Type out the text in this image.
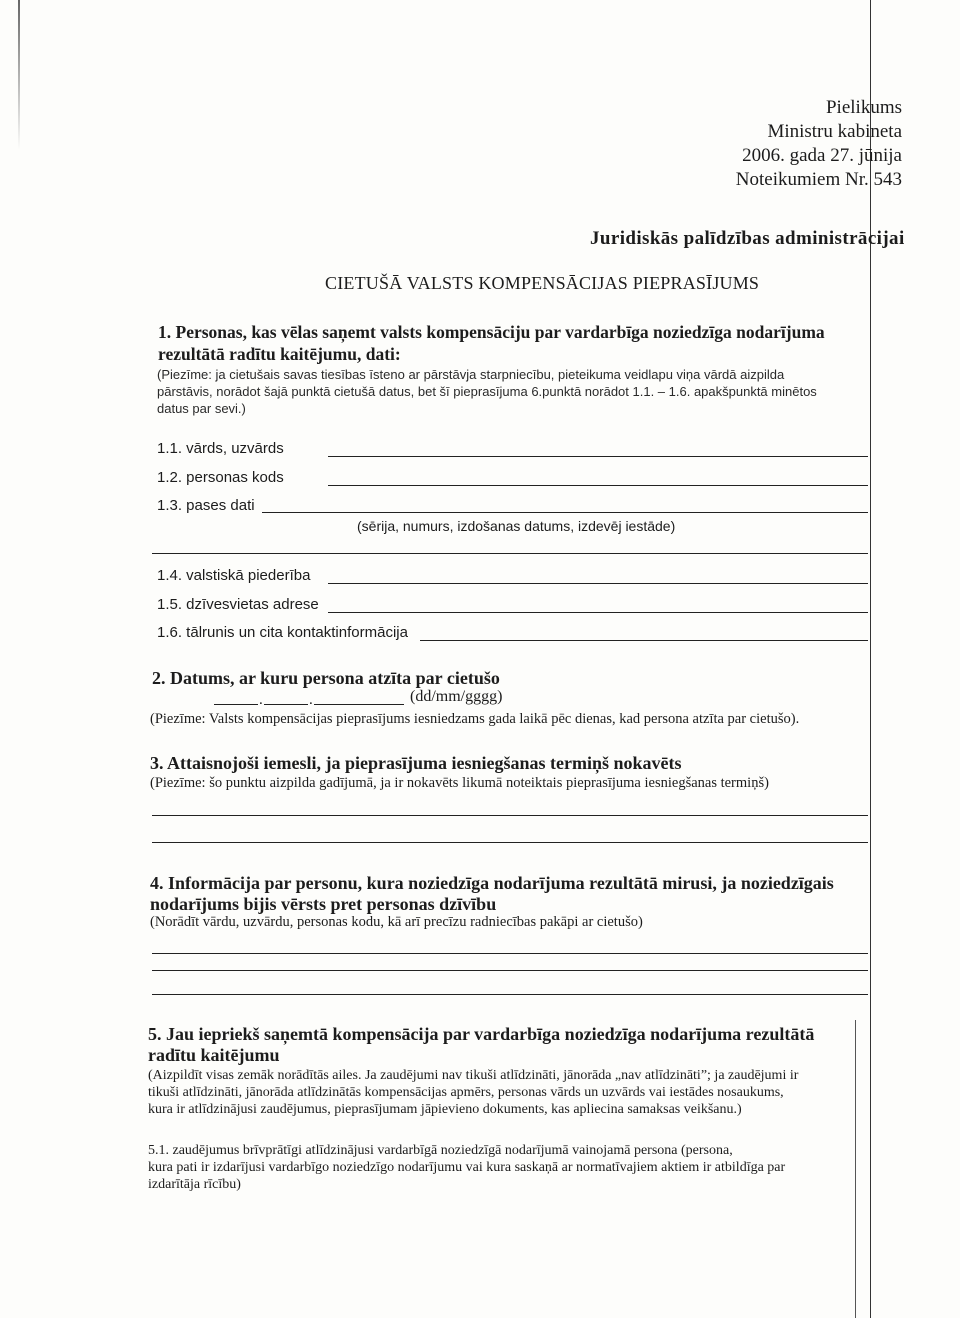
Pielikums
Ministru kabineta
2006. gada 27. jūnija
Noteikumiem Nr. 543
Juridiskās palīdzības administrācijai
CIETUŠĀ VALSTS KOMPENSĀCIJAS PIEPRASĪJUMS
1. Personas, kas vēlas saņemt valsts kompensāciju par vardarbīga noziedzīga nodarījuma
rezultātā radītu kaitējumu, dati:
(Piezīme: ja cietušais savas tiesības īsteno ar pārstāvja starpniecību, pieteikuma veidlapu viņa vārdā aizpilda
pārstāvis, norādot šajā punktā cietušā datus, bet šī pieprasījuma 6.punktā norādot 1.1. – 1.6. apakšpunktā minētos
datus par sevi.)
1.1. vārds, uzvārds
1.2. personas kods
1.3. pases dati
(sērija, numurs, izdošanas datums, izdevēj iestāde)
1.4. valstiskā piederība
1.5. dzīvesvietas adrese
1.6. tālrunis un cita kontaktinformācija
2. Datums, ar kuru persona atzīta par cietušo
.	.	(dd/mm/gggg)
(Piezīme: Valsts kompensācijas pieprasījums iesniedzams gada laikā pēc dienas, kad persona atzīta par cietušo).
3. Attaisnojoši iemesli, ja pieprasījuma iesniegšanas termiņš nokavēts
(Piezīme: šo punktu aizpilda gadījumā, ja ir nokavēts likumā noteiktais pieprasījuma iesniegšanas termiņš)
4. Informācija par personu, kura noziedzīga nodarījuma rezultātā mirusi, ja noziedzīgais
nodarījums bijis vērsts pret personas dzīvību
(Norādīt vārdu, uzvārdu, personas kodu, kā arī precīzu radniecības pakāpi ar cietušo)
5. Jau iepriekš saņemtā kompensācija par vardarbīga noziedzīga nodarījuma rezultātā
radītu kaitējumu
(Aizpildīt visas zemāk norādītās ailes. Ja zaudējumi nav tikuši atlīdzināti, jānorāda „nav atlīdzināti”; ja zaudējumi ir
tikuši atlīdzināti, jānorāda atlīdzinātās kompensācijas apmērs, personas vārds un uzvārds vai iestādes nosaukums,
kura ir atlīdzinājusi zaudējumus, pieprasījumam jāpievieno dokuments, kas apliecina samaksas veikšanu.)
5.1. zaudējumus brīvprātīgi atlīdzinājusi vardarbīgā noziedzīgā nodarījumā vainojamā persona (persona,
kura pati ir izdarījusi vardarbīgo noziedzīgo nodarījumu vai kura saskaņā ar normatīvajiem aktiem ir atbildīga par
izdarītāja rīcību)
